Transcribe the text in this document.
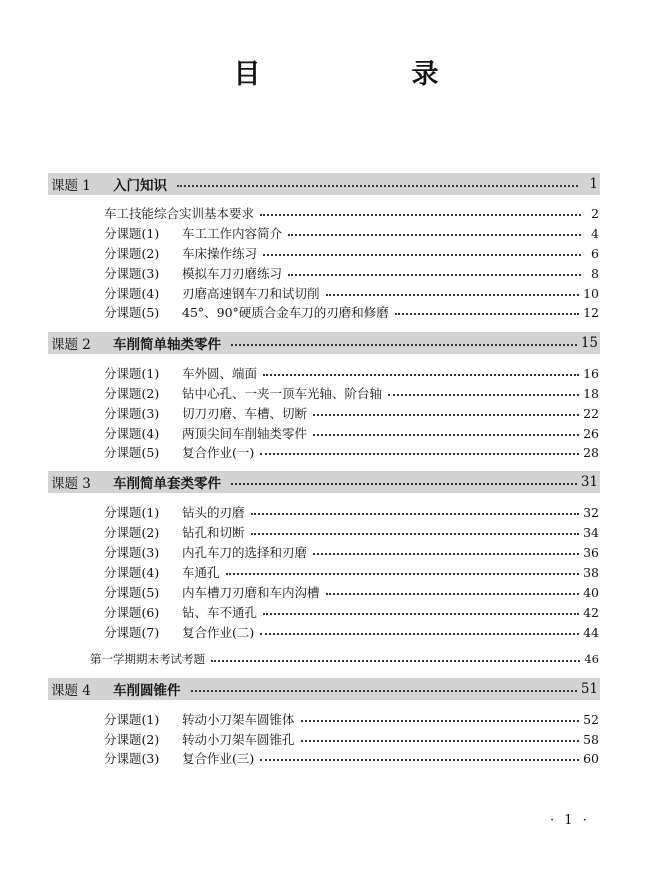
目　录
课题 1	入门知识	1
车工技能综合实训基本要求	2
分课题(1)	车工工作内容简介	4
分课题(2)	车床操作练习	6
分课题(3)	模拟车刀刃磨练习	8
分课题(4)	刃磨高速钢车刀和试切削	10
分课题(5)	45°、90°硬质合金车刀的刃磨和修磨	12
课题 2	车削简单轴类零件	15
分课题(1)	车外圆、端面	16
分课题(2)	钻中心孔、一夹一顶车光轴、阶台轴	18
分课题(3)	切刀刃磨、车槽、切断	22
分课题(4)	两顶尖间车削轴类零件	26
分课题(5)	复合作业(一)	28
课题 3	车削简单套类零件	31
分课题(1)	钻头的刃磨	32
分课题(2)	钻孔和切断	34
分课题(3)	内孔车刀的选择和刃磨	36
分课题(4)	车通孔	38
分课题(5)	内车槽刀刃磨和车内沟槽	40
分课题(6)	钻、车不通孔	42
分课题(7)	复合作业(二)	44
第一学期期末考试考题	46
课题 4	车削圆锥件	51
分课题(1)	转动小刀架车圆锥体	52
分课题(2)	转动小刀架车圆锥孔	58
分课题(3)	复合作业(三)	60
· 1 ·
